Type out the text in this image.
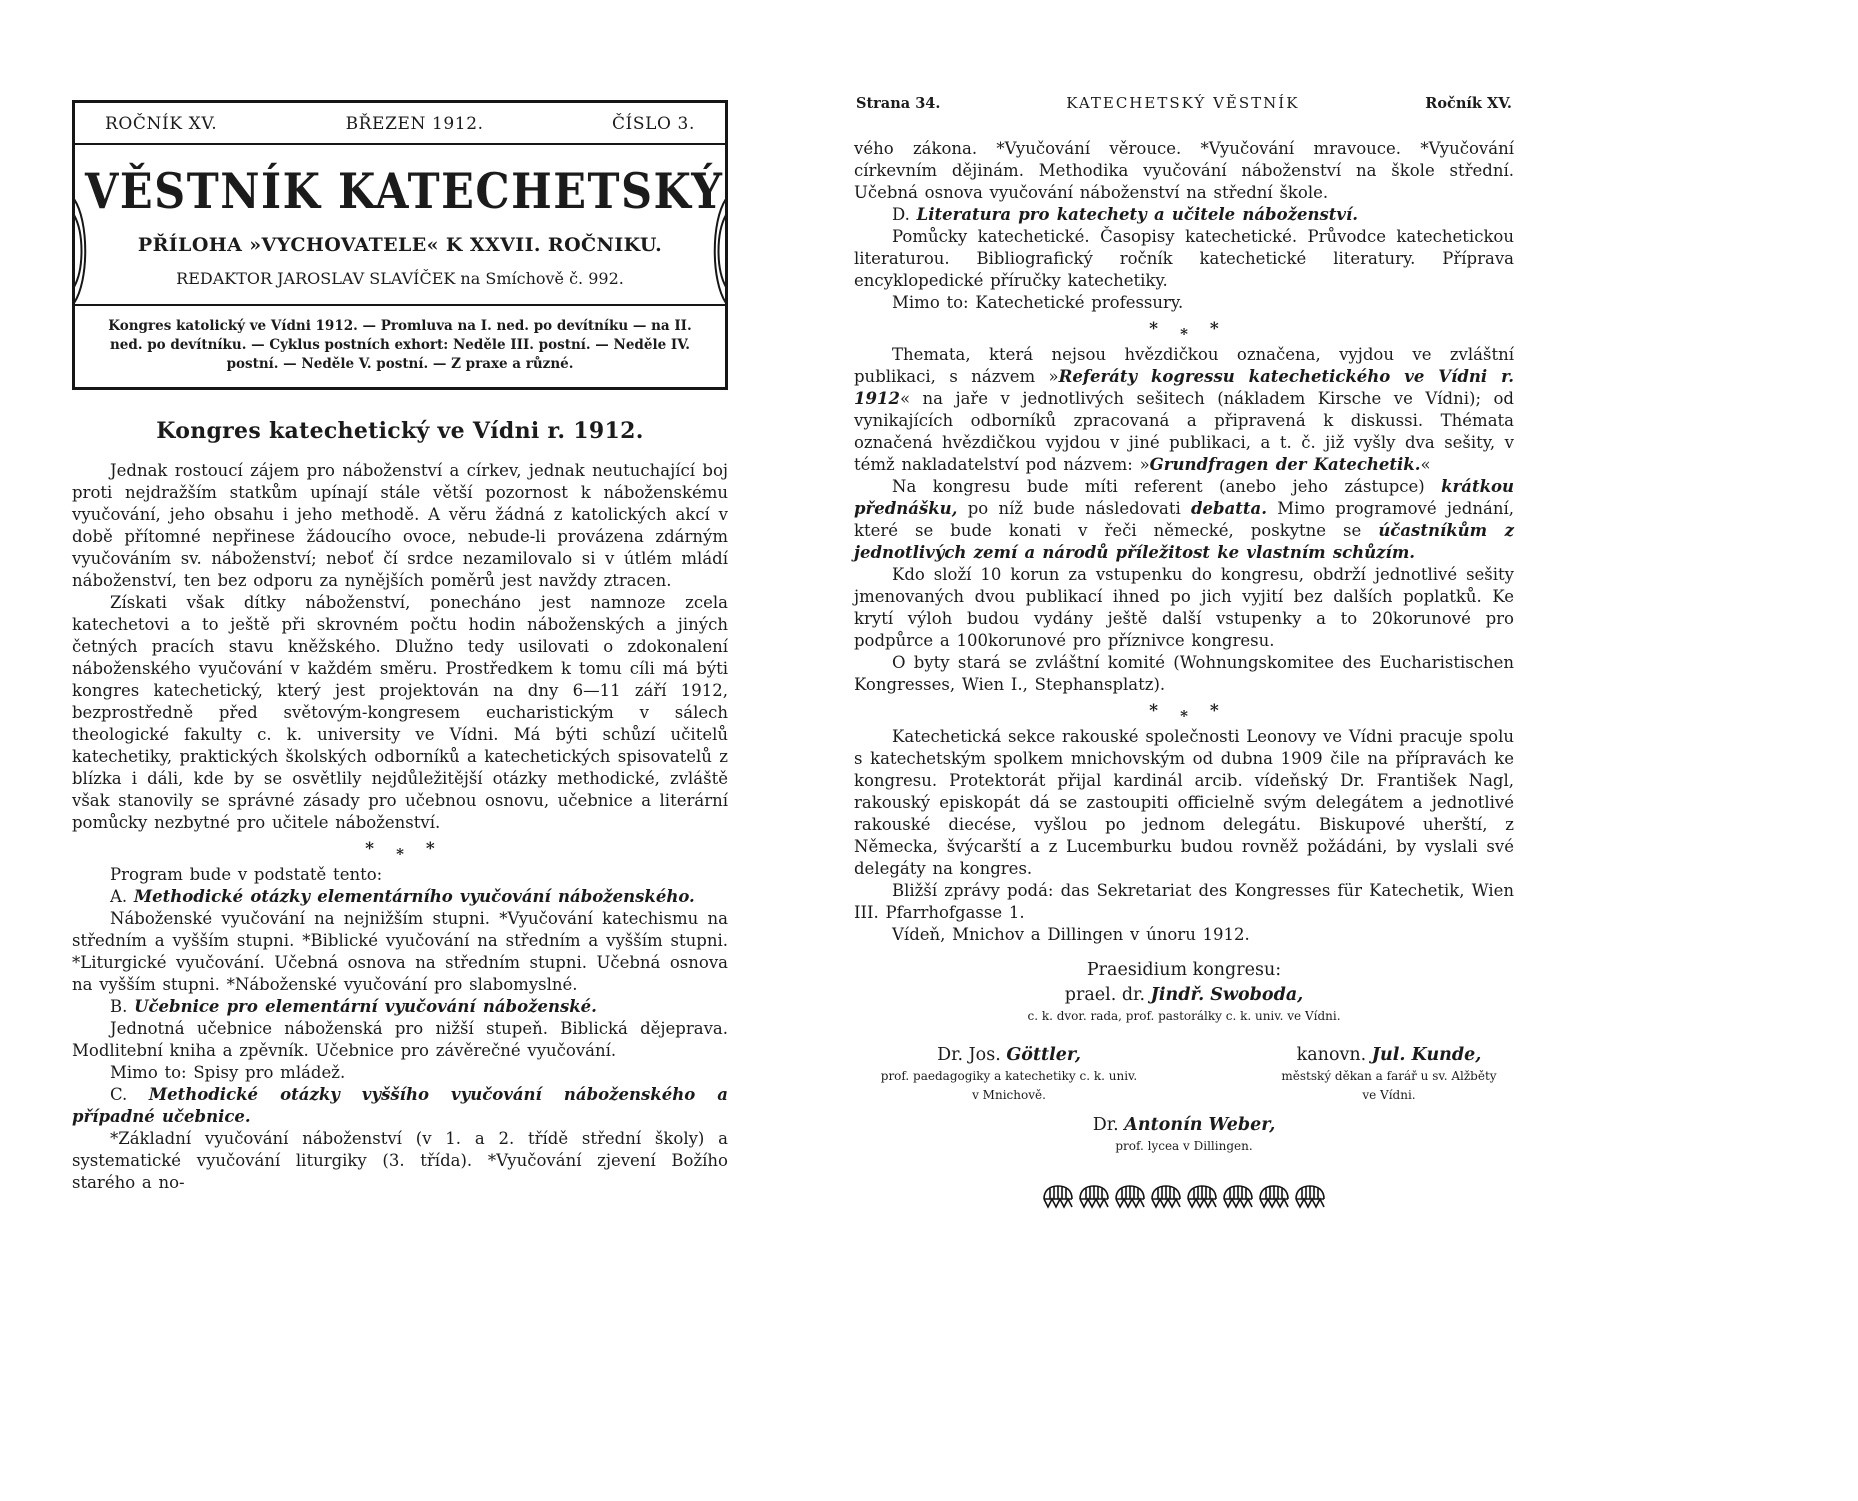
ROČNÍK XV.	BŘEZEN 1912.	ČÍSLO 3.
VĚSTNÍK KATECHETSKÝ
PŘÍLOHA »VYCHOVATELE« K XXVII. ROČNIKU.
REDAKTOR JAROSLAV SLAVÍČEK na Smíchově č. 992.
Kongres katolický ve Vídni 1912. — Promluva na I. ned. po devítníku — na II. ned. po devítníku. — Cyklus postních exhort: Neděle III. postní. — Neděle IV. postní. — Neděle V. postní. — Z praxe a různé.
Kongres katechetický ve Vídni r. 1912.

Jednak rostoucí zájem pro náboženství a církev, jednak neutuchající boj proti nejdražším statkům upínají stále větší pozornost k náboženskému vyučování, jeho obsahu i jeho methodě. A věru žádná z katolických akcí v době přítomné nepřinese žádoucího ovoce, nebude-li provázena zdárným vyučováním sv. náboženství; neboť čí srdce nezamilovalo si v útlém mládí náboženství, ten bez odporu za nynějších poměrů jest navždy ztracen.

Získati však dítky náboženství, ponecháno jest namnoze zcela katechetovi a to ještě při skrovném počtu hodin náboženských a jiných četných pracích stavu kněžského. Dlužno tedy usilovati o zdokonalení náboženského vyučování v každém směru. Prostředkem k tomu cíli má býti kongres katechetický, který jest projektován na dny 6—11 září 1912, bezprostředně před světovým-kongresem eucharistickým v sálech theologické fakulty c. k. university ve Vídni. Má býti schůzí učitelů katechetiky, praktických školských odborníků a katechetických spisovatelů z blízka i dáli, kde by se osvětlily nejdůležitější otázky methodické, zvláště však stanovily se správné zásady pro učebnou osnovu, učebnice a literární pomůcky nezbytné pro učitele náboženství.

* * *

Program bude v podstatě tento:

A. Methodické otázky elementárního vyučování náboženského.

Náboženské vyučování na nejnižším stupni. *Vyučování katechismu na středním a vyšším stupni. *Biblické vyučování na středním a vyšším stupni. *Liturgické vyučování. Učebná osnova na středním stupni. Učebná osnova na vyšším stupni. *Náboženské vyučování pro slabomyslné.

B. Učebnice pro elementární vyučování náboženské.

Jednotná učebnice náboženská pro nižší stupeň. Biblická dějeprava. Modlitební kniha a zpěvník. Učebnice pro závěrečné vyučování.

Mimo to: Spisy pro mládež.

C. Methodické otázky vyššího vyučování náboženského a případné učebnice.

*Základní vyučování náboženství (v 1. a 2. třídě střední školy) a systematické vyučování liturgiky (3. třída). *Vyučování zjevení Božího starého a no-

Strana 34.	KATECHETSKÝ VĚSTNÍK	Ročník XV.

vého zákona. *Vyučování věrouce. *Vyučování mravouce. *Vyučování církevním dějinám. Methodika vyučování náboženství na škole střední. Učebná osnova vyučování náboženství na střední škole.

D. Literatura pro katechety a učitele náboženství.

Pomůcky katechetické. Časopisy katechetické. Průvodce katechetickou literaturou. Bibliografický ročník katechetické literatury. Příprava encyklopedické příručky katechetiky.

Mimo to: Katechetické professury.

* * *

Themata, která nejsou hvězdičkou označena, vyjdou ve zvláštní publikaci, s názvem »Referáty kogressu katechetického ve Vídni r. 1912« na jaře v jednotlivých sešitech (nákladem Kirsche ve Vídni); od vynikajících odborníků zpracovaná a připravená k diskussi. Thémata označená hvězdičkou vyjdou v jiné publikaci, a t. č. již vyšly dva sešity, v témž nakladatelství pod názvem: »Grundfragen der Katechetik.«

Na kongresu bude míti referent (anebo jeho zástupce) krátkou přednášku, po níž bude následovati debatta. Mimo programové jednání, které se bude konati v řeči německé, poskytne se účastníkům z jednotlivých zemí a národů příležitost ke vlastním schůzím.

Kdo složí 10 korun za vstupenku do kongresu, obdrží jednotlivé sešity jmenovaných dvou publikací ihned po jich vyjití bez dalších poplatků. Ke krytí výloh budou vydány ještě další vstupenky a to 20korunové pro podpůrce a 100korunové pro příznivce kongresu.

O byty stará se zvláštní komité (Wohnungskomitee des Eucharistischen Kongresses, Wien I., Stephansplatz).

* * *

Katechetická sekce rakouské společnosti Leonovy ve Vídni pracuje spolu s katechetským spolkem mnichovským od dubna 1909 čile na přípravách ke kongresu. Protektorát přijal kardinál arcib. vídeňský Dr. František Nagl, rakouský episkopát dá se zastoupiti officielně svým delegátem a jednotlivé rakouské diecése, vyšlou po jednom delegátu. Biskupové uherští, z Německa, švýcarští a z Lucemburku budou rovněž požádáni, by vyslali své delegáty na kongres.

Bližší zprávy podá: das Sekretariat des Kongresses für Katechetik, Wien III. Pfarrhofgasse 1.

Vídeň, Mnichov a Dillingen v únoru 1912.

Praesidium kongresu:
prael. dr. Jindř. Swoboda,
c. k. dvor. rada, prof. pastorálky c. k. univ. ve Vídni.
Dr. Jos. Göttler,
prof. paedagogiky a katechetiky c. k. univ.
v Mnichově.
kanovn. Jul. Kunde,
městský děkan a farář u sv. Alžběty
ve Vídni.
Dr. Antonín Weber,
prof. lycea v Dillingen.
